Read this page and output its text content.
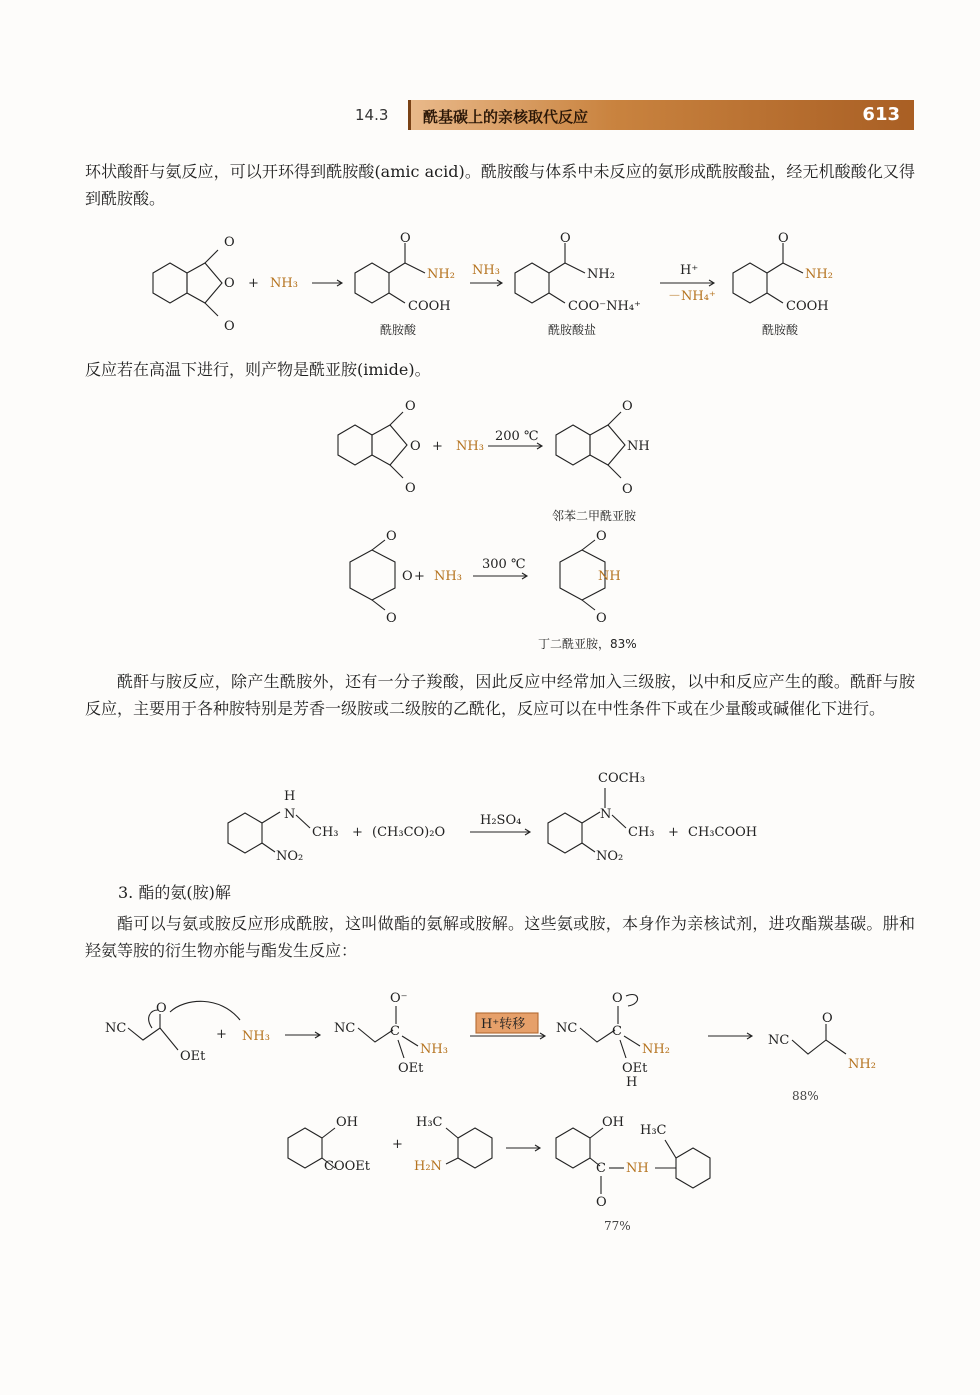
14.3	酰基碳上的亲核取代反应	613
环状酸酐与氨反应，可以开环得到酰胺酸(amic acid)。酰胺酸与体系中未反应的氨形成酰胺酸盐，经无机酸酸化又得到酰胺酸。
反应若在高温下进行，则产物是酰亚胺(imide)。
酰酐与胺反应，除产生酰胺外，还有一分子羧酸，因此反应中经常加入三级胺，以中和反应产生的酸。酰酐与胺反应，主要用于各种胺特别是芳香一级胺或二级胺的乙酰化，反应可以在中性条件下或在少量酸或碱催化下进行。
3. 酯的氨(胺)解
酯可以与氨或胺反应形成酰胺，这叫做酯的氨解或胺解。这些氨或胺，本身作为亲核试剂，进攻酯羰基碳。肼和羟氨等胺的衍生物亦能与酯发生反应：
O
O
O + NH₃
O
NH₂
COOH
酰胺酸
NH₃
O
NH₂
COO⁻NH₄⁺
酰胺酸盐
H⁺
－NH₄⁺
O
NH₂
COOH
酰胺酸
O
O
O + NH₃
200 ℃
O
O
NH
邻苯二甲酰亚胺
O
O
O + NH₃
300 ℃
O
O
NH
丁二酰亚胺，83%
H
N
CH₃
NO₂
+ (CH₃CO)₂O
H₂SO₄	N
COCH₃
CH₃
NO₂
+ CH₃COOH
NC
O
OEt
+ NH₃
NC	C
O⁻
NH₃
OEt
H⁺转移 NC	C
O
NH₂
OEt
H
NC
O
NH₂
88%
OH
COOEt
+
H₃C
H₂N
OH
C
O
NH
H₃C
77%
